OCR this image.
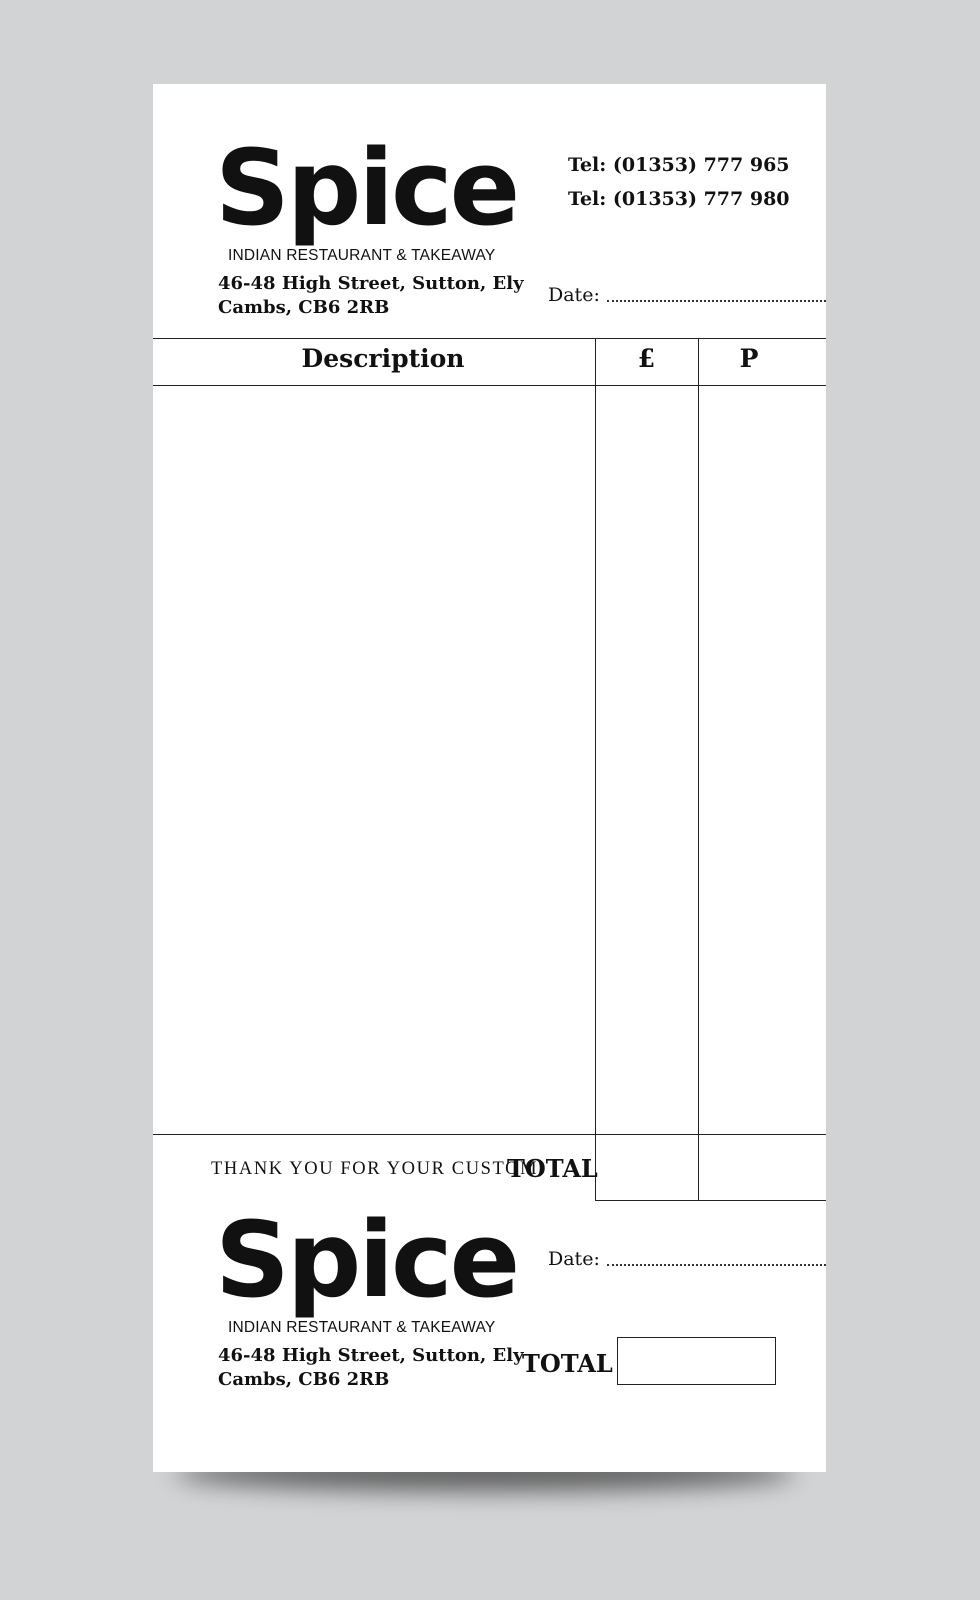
Spice
INDIAN RESTAURANT & TAKEAWAY
46-48 High Street, Sutton, Ely
Cambs, CB6 2RB
Tel: (01353) 777 965
Tel: (01353) 777 980
Date:
Description	£	P
THANK YOU FOR YOUR CUSTOM
TOTAL
Spice
INDIAN RESTAURANT & TAKEAWAY
46-48 High Street, Sutton, Ely
Cambs, CB6 2RB
Date:
TOTAL
